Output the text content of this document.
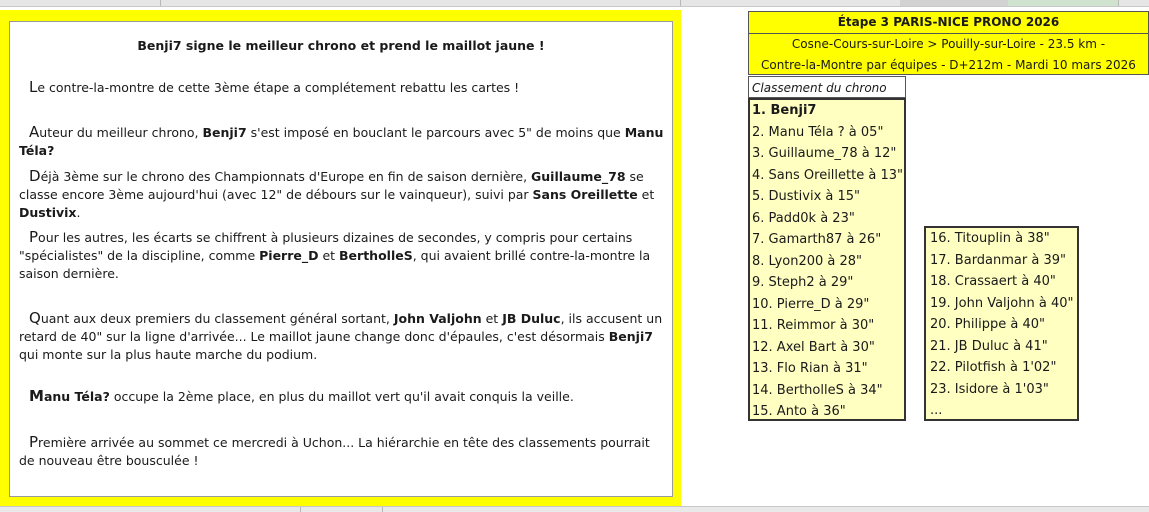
Benji7 signe le meilleur chrono et prend le maillot jaune !
Le contre-la-montre de cette 3ème étape a complétement rebattu les cartes !
Auteur du meilleur chrono, Benji7 s'est imposé en bouclant le parcours avec 5" de moins que Manu Téla?
Déjà 3ème sur le chrono des Championnats d'Europe en fin de saison dernière, Guillaume_78 se classe encore 3ème aujourd'hui (avec 12" de débours sur le vainqueur), suivi par Sans Oreillette et Dustivix.
Pour les autres, les écarts se chiffrent à plusieurs dizaines de secondes, y compris pour certains "spécialistes" de la discipline, comme Pierre_D et BertholleS, qui avaient brillé contre-la-montre la saison dernière.
Quant aux deux premiers du classement général sortant, John Valjohn et JB Duluc, ils accusent un retard de 40" sur la ligne d'arrivée... Le maillot jaune change donc d'épaules, c'est désormais Benji7 qui monte sur la plus haute marche du podium.
Manu Téla? occupe la 2ème place, en plus du maillot vert qu'il avait conquis la veille.
Première arrivée au sommet ce mercredi à Uchon... La hiérarchie en tête des classements pourrait de nouveau être bousculée !
Étape 3 PARIS-NICE PRONO 2026
Cosne-Cours-sur-Loire > Pouilly-sur-Loire - 23.5 km -
Contre-la-Montre par équipes - D+212m - Mardi 10 mars 2026
Classement du chrono
1. Benji7
2. Manu Téla ? à 05"
3. Guillaume_78 à 12"
4. Sans Oreillette à 13"
5. Dustivix à 15"
6. Padd0k à 23"
7. Gamarth87 à 26"
8. Lyon200 à 28"
9. Steph2 à 29"
10. Pierre_D à 29"
11. Reimmor à 30"
12. Axel Bart à 30"
13. Flo Rian à 31"
14. BertholleS à 34"
15. Anto à 36"
16. Titouplin à 38"
17. Bardanmar à 39"
18. Crassaert à 40"
19. John Valjohn à 40"
20. Philippe à 40"
21. JB Duluc à 41"
22. Pilotfish à 1'02"
23. Isidore à 1'03"
...
